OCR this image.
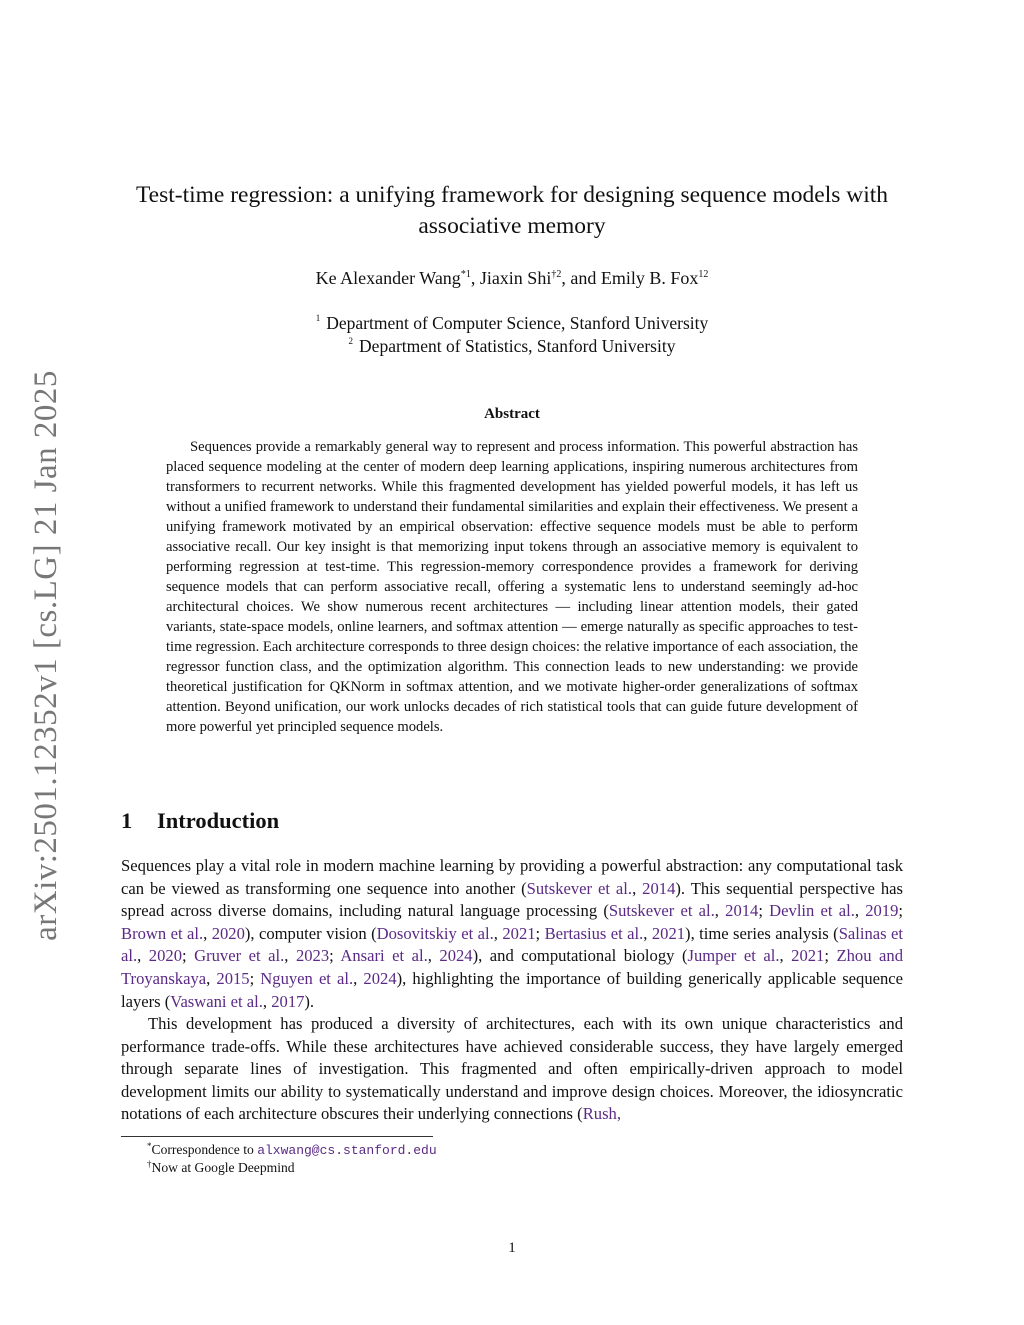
arXiv:2501.12352v1 [cs.LG] 21 Jan 2025
Test-time regression: a unifying framework for designing sequence models with
associative memory
Ke Alexander Wang$^{*1}$, Jiaxin Shi$^{\dagger 2}$, and Emily B. Fox$^{12}$
$^1$ Department of Computer Science, Stanford University
$^2$ Department of Statistics, Stanford University
Abstract

Sequences provide a remarkably general way to represent and process information. This powerful abstraction has placed sequence modeling at the center of modern deep learning applications, inspiring numerous architectures from transformers to recurrent networks. While this fragmented development has yielded powerful models, it has left us without a unified framework to understand their fundamental similarities and explain their effectiveness. We present a unifying framework motivated by an empirical observation: effective sequence models must be able to perform associative recall. Our key insight is that memorizing input tokens through an associative memory is equivalent to performing regression at test-time. This regression-memory correspondence provides a framework for deriving sequence models that can perform associative recall, offering a systematic lens to understand seemingly ad-hoc architectural choices. We show numerous recent architectures — including linear attention models, their gated variants, state-space models, online learners, and softmax attention — emerge naturally as specific approaches to test-time regression. Each architecture corresponds to three design choices: the relative importance of each association, the regressor function class, and the optimization algorithm. This connection leads to new understanding: we provide theoretical justification for QKNorm in softmax attention, and we motivate higher-order generalizations of softmax attention. Beyond unification, our work unlocks decades of rich statistical tools that can guide future development of more powerful yet principled sequence models.

1 Introduction

Sequences play a vital role in modern machine learning by providing a powerful abstraction: any computational task can be viewed as transforming one sequence into another (Sutskever et al., 2014). This sequential perspective has spread across diverse domains, including natural language processing (Sutskever et al., 2014; Devlin et al., 2019; Brown et al., 2020), computer vision (Dosovitskiy et al., 2021; Bertasius et al., 2021), time series analysis (Salinas et al., 2020; Gruver et al., 2023; Ansari et al., 2024), and computational biology (Jumper et al., 2021; Zhou and Troyanskaya, 2015; Nguyen et al., 2024), highlighting the importance of building generically applicable sequence layers (Vaswani et al., 2017).

This development has produced a diversity of architectures, each with its own unique characteristics and performance trade-offs. While these architectures have achieved considerable success, they have largely emerged through separate lines of investigation. This fragmented and often empirically-driven approach to model development limits our ability to systematically understand and improve design choices. Moreover, the idiosyncratic notations of each architecture obscures their underlying connections (Rush,

*Correspondence to alxwang@cs.stanford.edu
†Now at Google Deepmind
1
